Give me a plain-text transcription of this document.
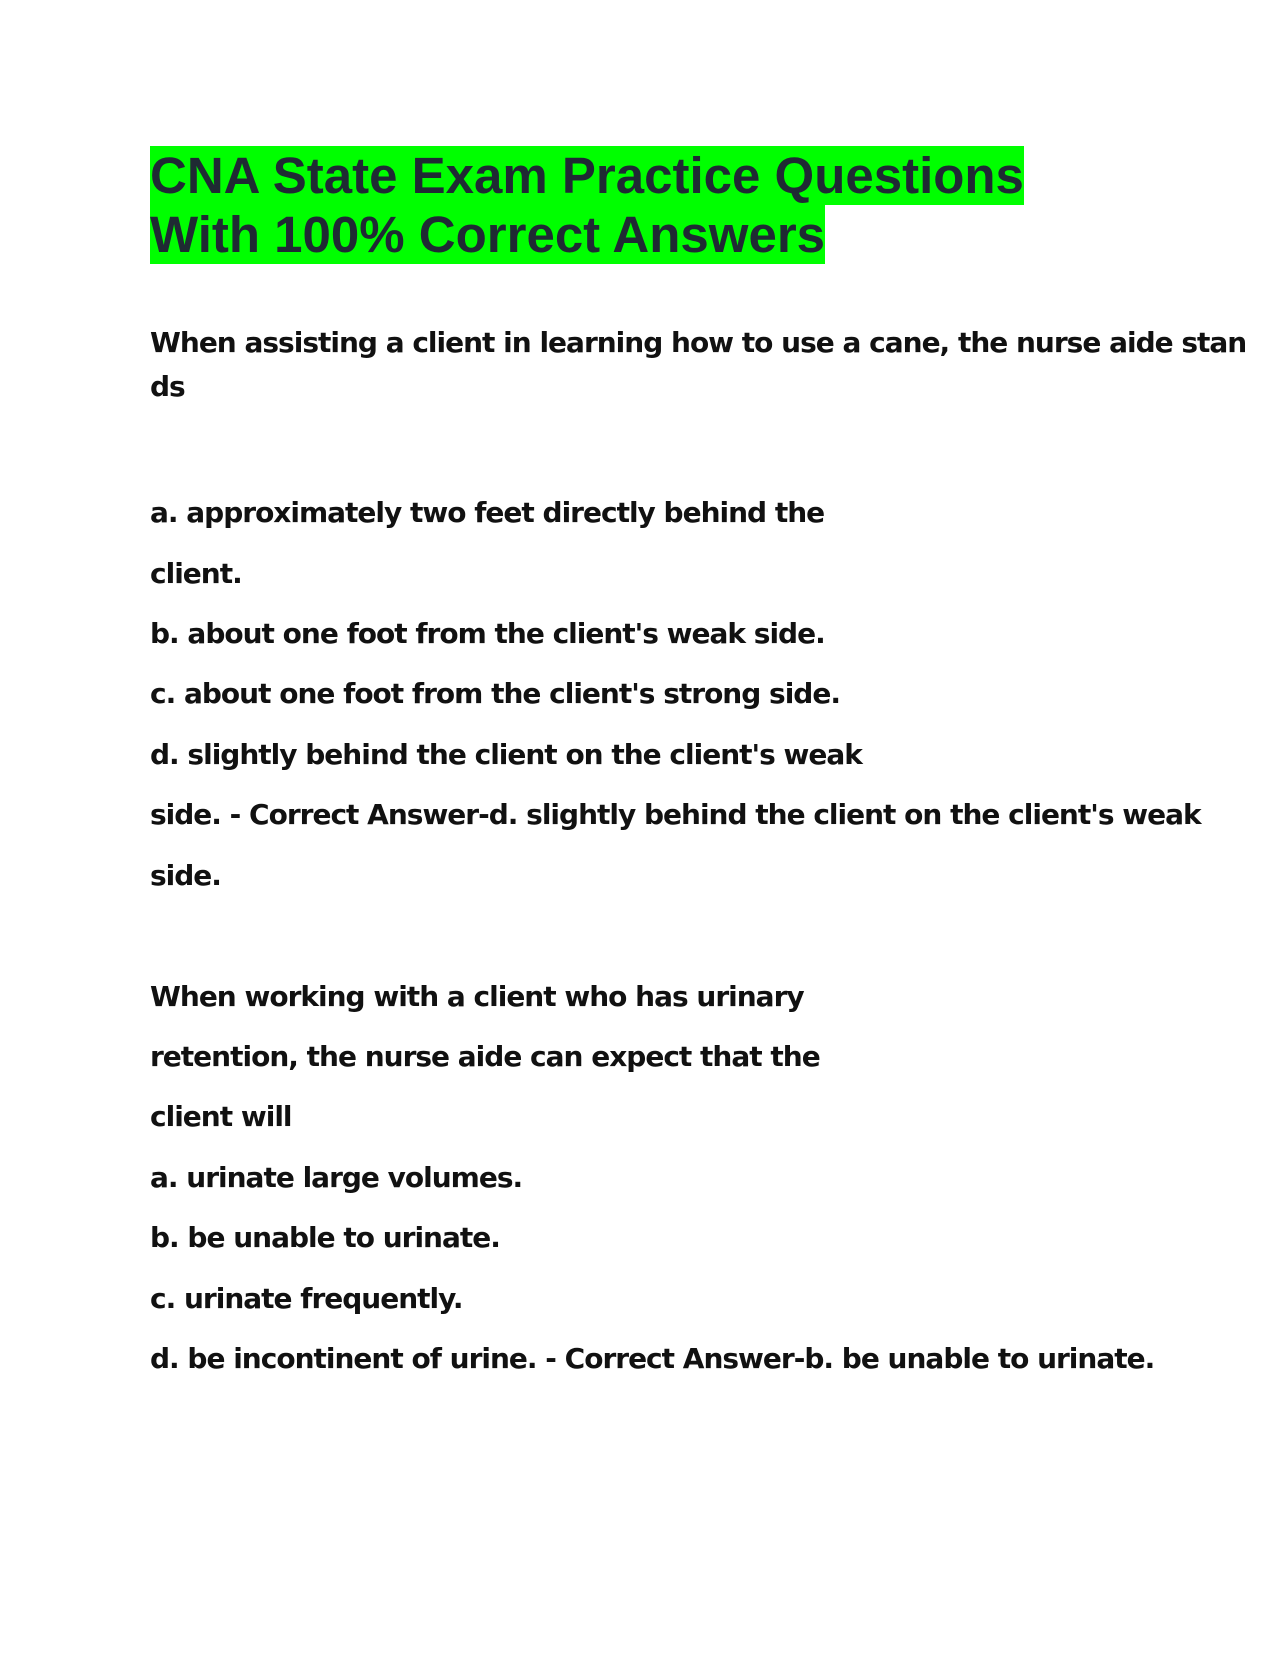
CNA State Exam Practice Questions
With 100% Correct Answers

When assisting a client in learning how to use a cane, the nurse aide stan

ds

a. approximately two feet directly behind the

client.

b. about one foot from the client's weak side.

c. about one foot from the client's strong side.

d. slightly behind the client on the client's weak

side. - Correct Answer-d. slightly behind the client on the client's weak

side.

When working with a client who has urinary

retention, the nurse aide can expect that the

client will

a. urinate large volumes.

b. be unable to urinate.

c. urinate frequently.

d. be incontinent of urine. - Correct Answer-b. be unable to urinate.
